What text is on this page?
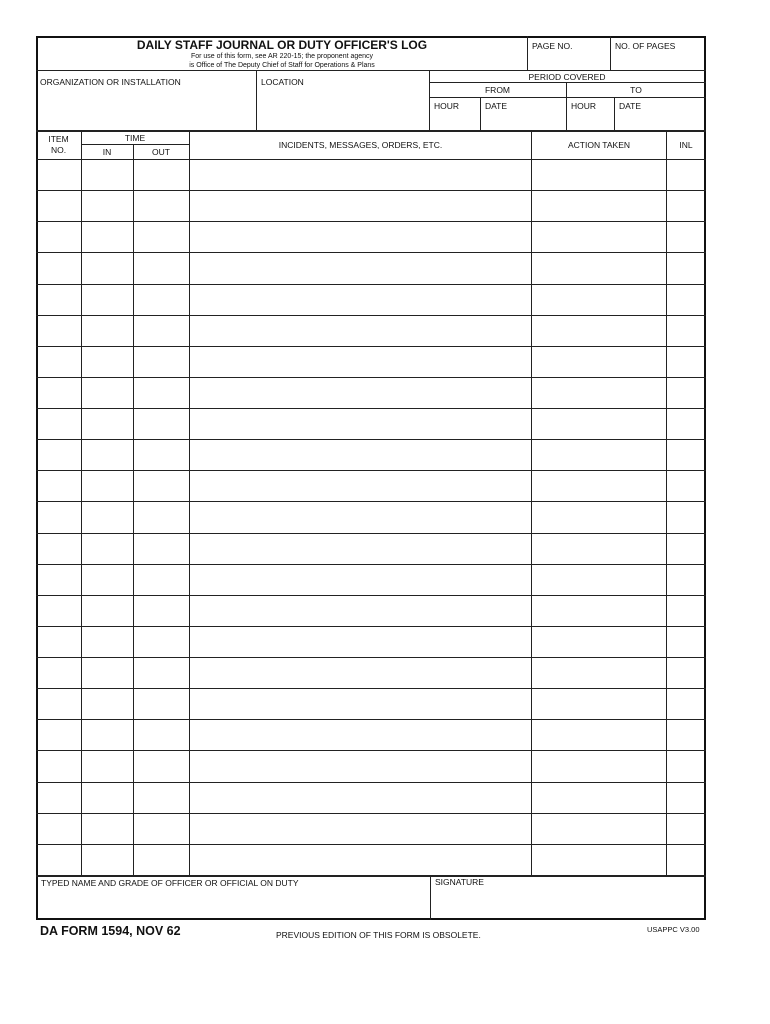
DAILY STAFF JOURNAL OR DUTY OFFICER'S LOG
For use of this form, see AR 220-15; the proponent agency
is Office of The Deputy Chief of Staff for Operations & Plans
PAGE NO.	NO. OF PAGES
ORGANIZATION OR INSTALLATION	LOCATION	PERIOD COVERED
FROM	TO
HOUR	DATE	HOUR	DATE
ITEM
NO.
TIME
IN	OUT
INCIDENTS, MESSAGES, ORDERS, ETC.	ACTION TAKEN	INL
TYPED NAME AND GRADE OF OFFICER OR OFFICIAL ON DUTY	SIGNATURE
DA FORM 1594, NOV 62	PREVIOUS EDITION OF THIS FORM IS OBSOLETE.
USAPPC V3.00
